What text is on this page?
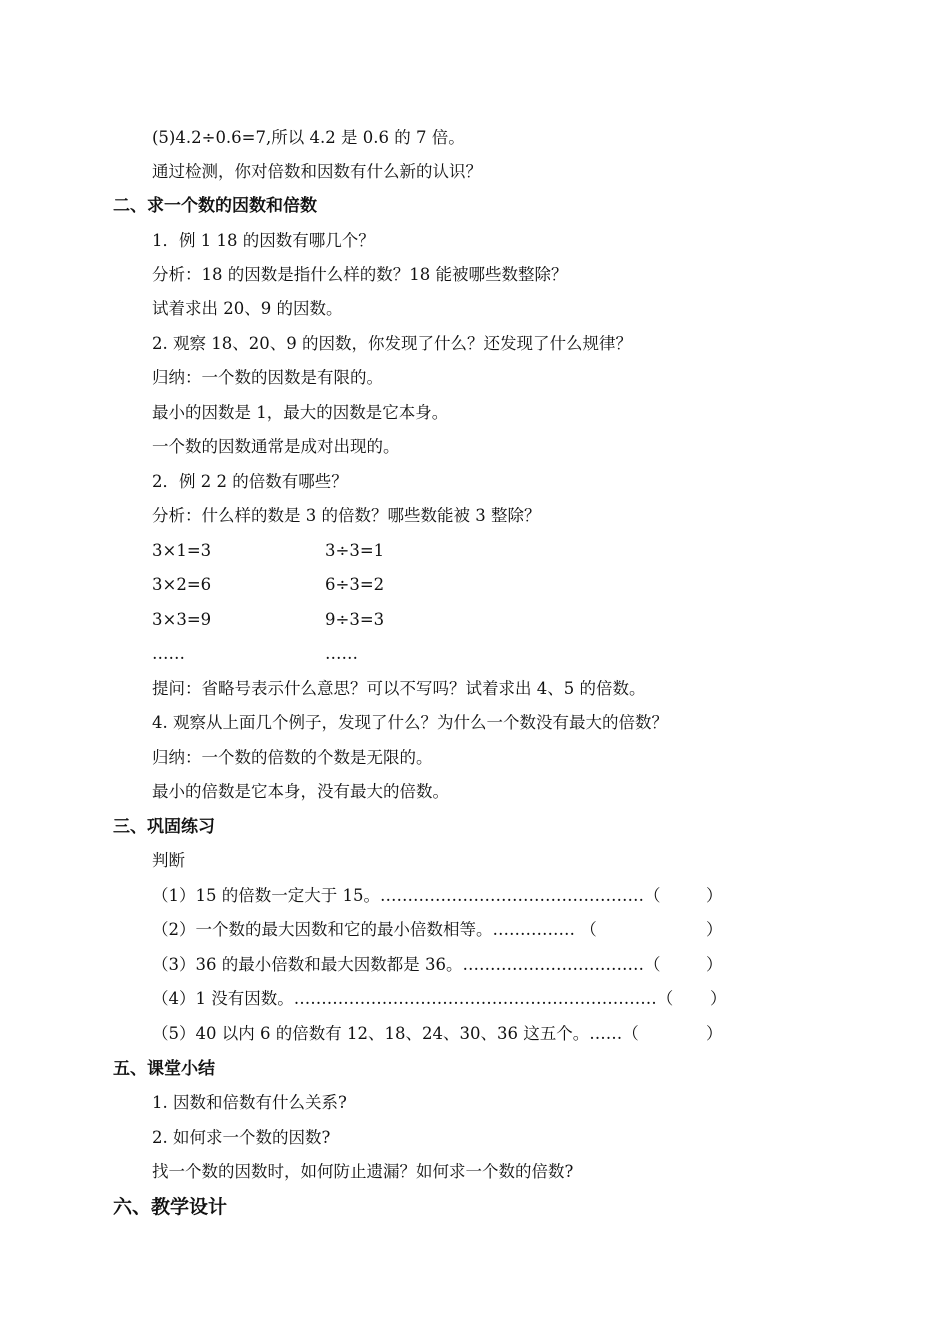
(5)4.2÷0.6=7,所以 4.2 是 0.6 的 7 倍。
通过检测，你对倍数和因数有什么新的认识？
二、求一个数的因数和倍数
1．例 1 18 的因数有哪几个？
分析：18 的因数是指什么样的数？18 能被哪些数整除？
试着求出 20、9 的因数。
2. 观察 18、20、9 的因数，你发现了什么？还发现了什么规律？
归纳：一个数的因数是有限的。
最小的因数是 1，最大的因数是它本身。
一个数的因数通常是成对出现的。
2．例 2 2 的倍数有哪些？
分析：什么样的数是 3 的倍数？哪些数能被 3 整除？
3×1=3	3÷3=1
3×2=6	6÷3=2
3×3=9	9÷3=3
……	……
提问：省略号表示什么意思？可以不写吗？试着求出 4、5 的倍数。
4. 观察从上面几个例子，发现了什么？为什么一个数没有最大的倍数？
归纳：一个数的倍数的个数是无限的。
最小的倍数是它本身，没有最大的倍数。
三、巩固练习
判断
（1）15 的倍数一定大于 15。…………………………………………（	）
（2）一个数的最大因数和它的最小倍数相等。…………… （	）
（3）36 的最小倍数和最大因数都是 36。……………………………（	）
（4）1 没有因数。…………………………………………………………（ ）
（5）40 以内 6 的倍数有 12、18、24、30、36 这五个。……（	）
五、课堂小结
1. 因数和倍数有什么关系?
2. 如何求一个数的因数?
找一个数的因数时，如何防止遗漏？如何求一个数的倍数?
六、教学设计
